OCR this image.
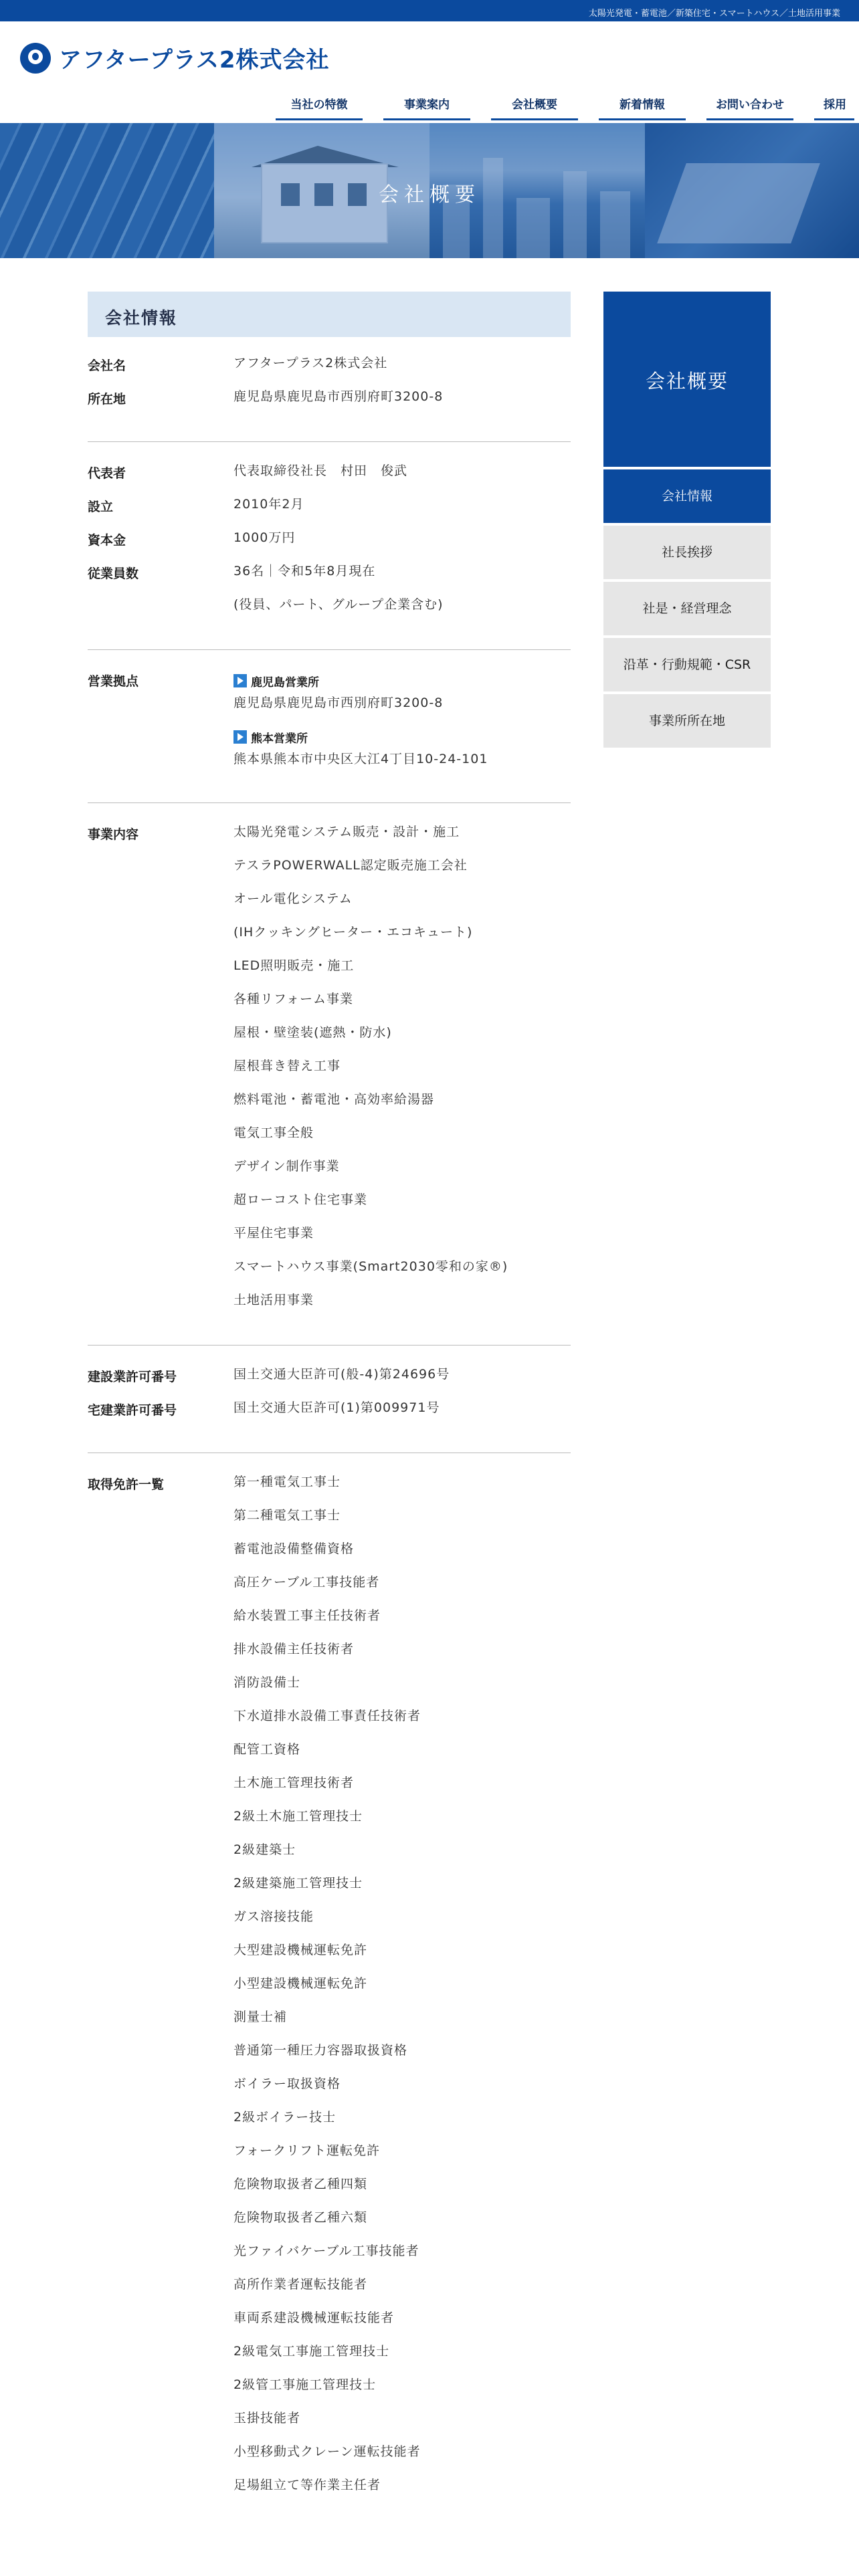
太陽光発電・蓄電池／新築住宅・スマートハウス／土地活用事業
アフタープラス2株式会社
当社の特徴	事業案内	会社概要	新着情報	お問い合わせ	採用
会社概要
会社情報
会社名	アフタープラス2株式会社
所在地	鹿児島県鹿児島市西別府町3200-8
代表者	代表取締役社長　村田　俊武
設立	2010年2月
資本金	1000万円
従業員数	36名｜令和5年8月現在
(役員、パート、グループ企業含む)
営業拠点	鹿児島営業所
鹿児島県鹿児島市西別府町3200-8
熊本営業所
熊本県熊本市中央区大江4丁目10-24-101
事業内容	太陽光発電システム販売・設計・施工
テスラPOWERWALL認定販売施工会社
オール電化システム
(IHクッキングヒーター・エコキュート)
LED照明販売・施工
各種リフォーム事業
屋根・壁塗装(遮熱・防水)
屋根葺き替え工事
燃料電池・蓄電池・高効率給湯器
電気工事全般
デザイン制作事業
超ローコスト住宅事業
平屋住宅事業
スマートハウス事業(Smart2030零和の家®)
土地活用事業
建設業許可番号	国土交通大臣許可(般-4)第24696号
宅建業許可番号	国土交通大臣許可(1)第009971号
取得免許一覧	第一種電気工事士
第二種電気工事士
蓄電池設備整備資格
高圧ケーブル工事技能者
給水装置工事主任技術者
排水設備主任技術者
消防設備士
下水道排水設備工事責任技術者
配管工資格
土木施工管理技術者
2級土木施工管理技士
2級建築士
2級建築施工管理技士
ガス溶接技能
大型建設機械運転免許
小型建設機械運転免許
測量士補
普通第一種圧力容器取扱資格
ボイラー取扱資格
2級ボイラー技士
フォークリフト運転免許
危険物取扱者乙種四類
危険物取扱者乙種六類
光ファイバケーブル工事技能者
高所作業者運転技能者
車両系建設機械運転技能者
2級電気工事施工管理技士
2級管工事施工管理技士
玉掛技能者
小型移動式クレーン運転技能者
足場組立て等作業主任者
会社概要
会社情報
社長挨拶
社是・経営理念
沿革・行動規範・CSR
事業所所在地
